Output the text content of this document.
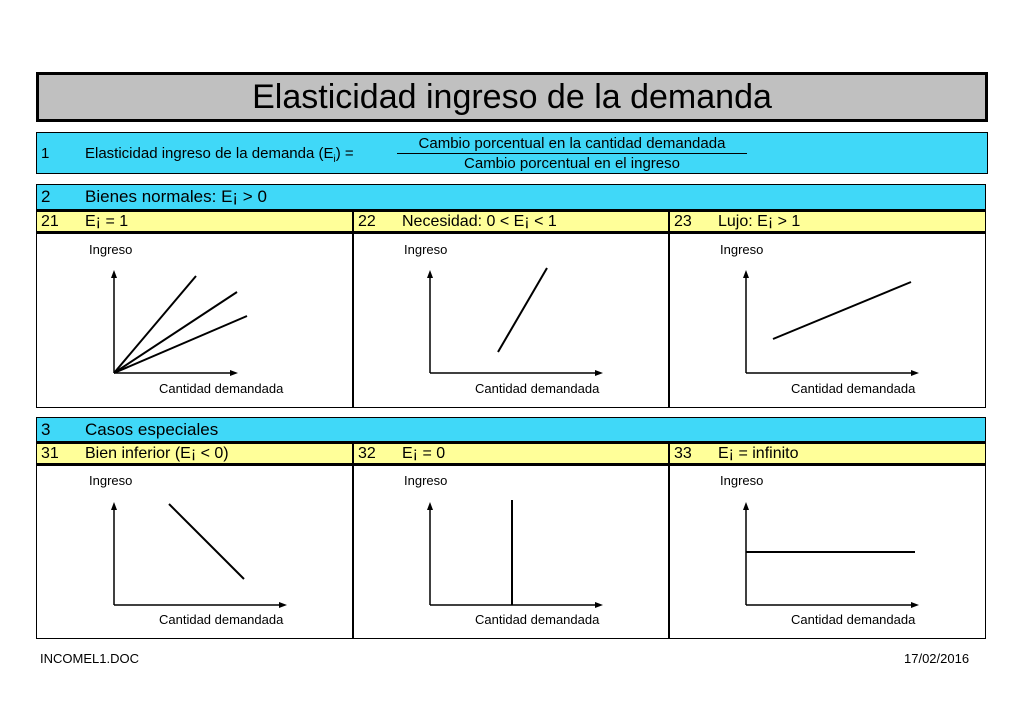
Elasticidad ingreso de la demanda
1 Elasticidad ingreso de la demanda $(E_i)$ =
Cambio porcentual en la cantidad demandada
Cambio porcentual en el ingreso
2 Bienes normales: E¡ > 0
21 E¡ = 1	22 Necesidad: 0 < E¡ < 1	23 Lujo: E¡ > 1
Ingreso
Cantidad demandada
Ingreso
Cantidad demandada
Ingreso
Cantidad demandada
3 Casos especiales
31 Bien inferior (E¡ < 0)	32 E¡ = 0	33 E¡ = infinito
Ingreso
Cantidad demandada
Ingreso
Cantidad demandada
Ingreso
Cantidad demandada
INCOMEL1.DOC	17/02/2016
